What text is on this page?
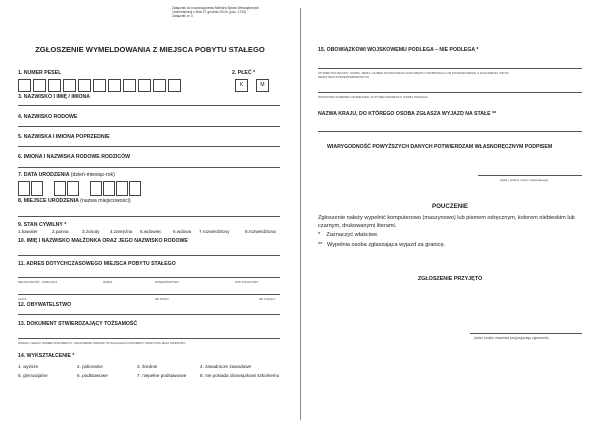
Załącznik do rozporządzenia Ministra Spraw Wewnętrznych
i Administracji z dnia 27 grudnia 2010r. (poz. 1743)
Załącznik nr 3
ZGŁOSZENIE WYMELDOWANIA Z MIEJSCA POBYTU STAŁEGO
1. NUMER PESEL	2. PŁEĆ *
K	M
3. NAZWISKO I IMIĘ / IMIONA
4. NAZWISKO RODOWE
5. NAZWISKA I IMIONA POPRZEDNIE
6. IMIONA I NAZWISKA RODOWE RODZICÓW
7. DATA URODZENIA (dzień-miesiąc-rok)
8. MIEJSCE URODZENIA (nazwa miejscowości)
9. STAN CYWILNY *
1.kawaler	2.panna	3.żonaty 4.zamężna 5.wdowiec	6.wdowa 7.rozwiedziony	8.rozwiedziona
10. IMIĘ I NAZWISKO MAŁŻONKA ORAZ JEGO NAZWISKO RODOWE
11. ADRES DOTYCHCZASOWEGO MIEJSCA POBYTU STAŁEGO
MIEJSCOWOŚĆ - DZIELNICA	GMINA	WOJEWÓDZTWO	KOD POCZTOWY
ULICA	NR DOMU	NR LOKALU
12. OBYWATELSTWO
13. DOKUMENT STWIERDZAJĄCY TOŻSAMOŚĆ
RODZAJ, SERIA I NUMER DOKUMENTU, OZNACZENIE ORGANU WYDAJĄCEGO DOKUMENT ORAZ DATA JEGO WAŻNOŚCI
14. WYKSZTAŁCENIE *
1. wyższe	2. policealne	3. średnie	4. zasadnicze zawodowe
5. gimnazjalne	6. podstawowe	7. niepełne podstawowe	8. nie posiada obowiązkowi szkolnemu
15. OBOWIĄZKOWI WOJSKOWEMU PODLEGA – NIE PODLEGA *
STOPIEŃ WOJSKOWY, NAZWA, SERIA I NUMER WOJSKOWEGO DOKUMENTU OSOBISTEGO LUB POŚWIADCZENIE O ZGŁOSZENIU SIĘ DO
REJESTRACJI PRZEDPOBOROWYCH
WOJSKOWA KOMENDA UZUPEŁNIEŃ, W KTÓREJ EWIDENCJI OSOBA PODLEGA
NAZWA KRAJU, DO KTÓREGO OSOBA ZGŁASZA WYJAZD NA STAŁE **
WIARYGODNOŚĆ POWYŻSZYCH DANYCH POTWIERDZAM WŁASNORĘCZNYM PODPISEM
(data i podpis osoby zgłaszającej)
POUCZENIE
Zgłoszenie należy wypełnić komputerowo (maszynowo) lub pismem odręcznym, kolorem niebieskim lub czarnym, drukowanymi literami.
*    Zaznaczyć właściwe.
**   Wypełnia osoba zgłaszająca wyjazd za granicę.
ZGŁOSZENIE PRZYJĘTO
(data i podpis urzędnika przyjmującego zgłoszenie)
